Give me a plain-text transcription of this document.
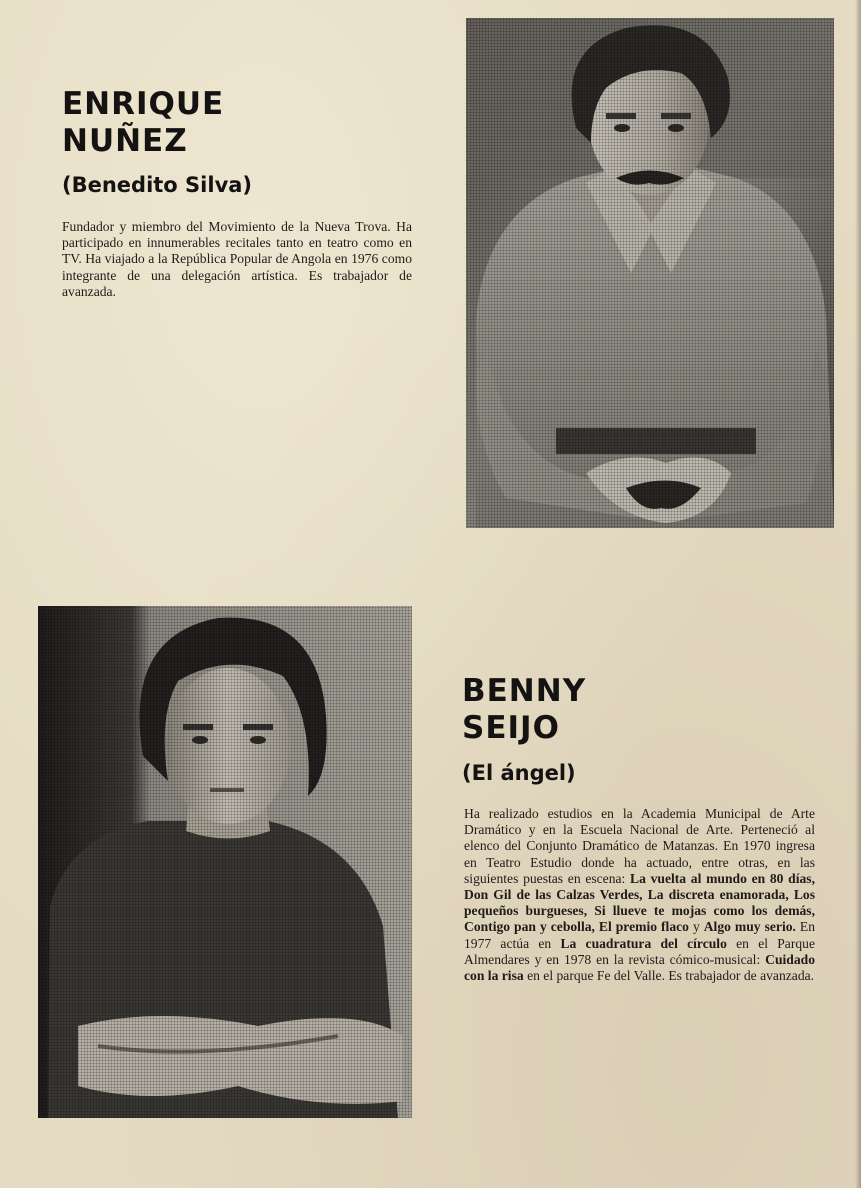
ENRIQUE
NUÑEZ

(Benedito Silva)

Fundador y miembro del Movimiento de la Nueva Trova. Ha participado en innumerables recitales tanto en teatro como en TV. Ha viajado a la República Popular de Angola en 1976 como integrante de una delegación artística. Es trabajador de avanzada.

BENNY
SEIJO

(El ángel)

Ha realizado estudios en la Academia Municipal de Arte Dramático y en la Escuela Nacional de Arte. Perteneció al elenco del Conjunto Dramático de Matanzas. En 1970 ingresa en Teatro Estudio donde ha actuado, entre otras, en las siguientes puestas en escena: La vuelta al mundo en 80 días, Don Gil de las Calzas Verdes, La discreta enamorada, Los pequeños burgueses, Si llueve te mojas como los demás, Contigo pan y cebolla, El premio flaco y Algo muy serio. En 1977 actúa en La cuadratura del círculo en el Parque Almendares y en 1978 en la revista cómico-musical: Cuidado con la risa en el parque Fe del Valle. Es trabajador de avanzada.
